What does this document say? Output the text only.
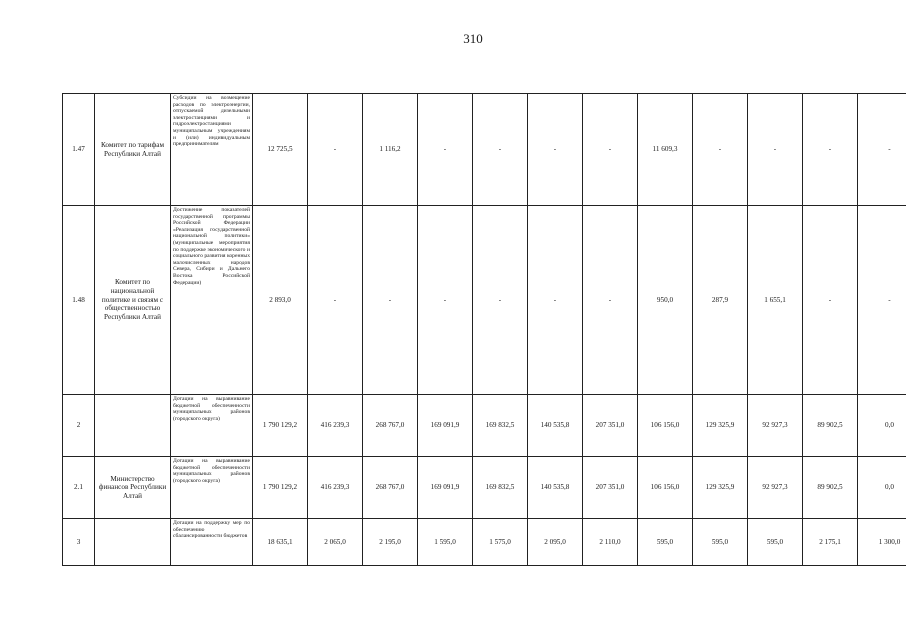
310
1.47	Комитет по тарифам Республики Алтай	Субсидии на возмещение расходов по электроэнергии, отпускаемой дизельными электростанциями и гидроэлектростанциями муниципальным учреждениям и (или) индивидуальным предпринимателям	12 725,5	-	1 116,2	-	-	-	-	11 609,3	-	-	-	-
1.48	Комитет по национальной политике и связям с общественностью Республики Алтай	Достижение показателей государственной программы Российской Федерации «Реализация государственной национальной политики» (муниципальные мероприятия по поддержке экономического и социального развития коренных малочисленных народов Севера, Сибири и Дальнего Востока Российской Федерации)	2 893,0	-	-	-	-	-	-	950,0	287,9	1 655,1	-	-
2		Дотации на выравнивание бюджетной обеспеченности муниципальных районов (городского округа)	1 790 129,2	416 239,3	268 767,0	169 091,9	169 832,5	140 535,8	207 351,0	106 156,0	129 325,9	92 927,3	89 902,5	0,0
2.1	Министерство финансов Республики Алтай	Дотации на выравнивание бюджетной обеспеченности муниципальных районов (городского округа)	1 790 129,2	416 239,3	268 767,0	169 091,9	169 832,5	140 535,8	207 351,0	106 156,0	129 325,9	92 927,3	89 902,5	0,0
3		Дотации на поддержку мер по обеспечению сбалансированности бюджетов	18 635,1	2 065,0	2 195,0	1 595,0	1 575,0	2 095,0	2 110,0	595,0	595,0	595,0	2 175,1	1 300,0
